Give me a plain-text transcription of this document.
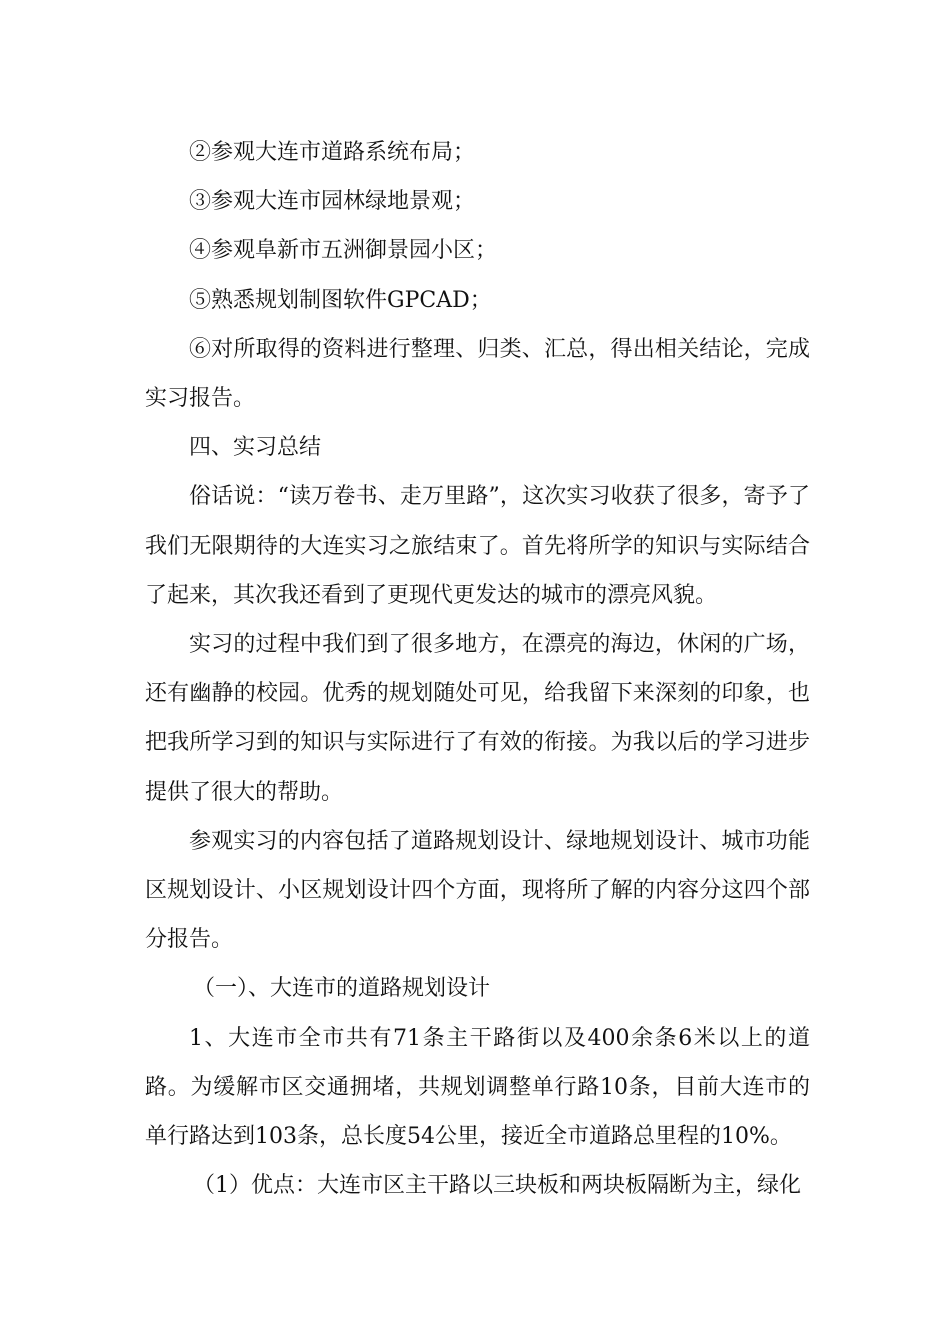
②参观大连市道路系统布局；

③参观大连市园林绿地景观；

④参观阜新市五洲御景园小区；

⑤熟悉规划制图软件GPCAD；

⑥对所取得的资料进行整理、归类、汇总，得出相关结论，完成实习报告。

四、实习总结

俗话说：“读万卷书、走万里路”，这次实习收获了很多，寄予了我们无限期待的大连实习之旅结束了。首先将所学的知识与实际结合了起来，其次我还看到了更现代更发达的城市的漂亮风貌。

实习的过程中我们到了很多地方，在漂亮的海边，休闲的广场，还有幽静的校园。优秀的规划随处可见，给我留下来深刻的印象，也把我所学习到的知识与实际进行了有效的衔接。为我以后的学习进步提供了很大的帮助。

参观实习的内容包括了道路规划设计、绿地规划设计、城市功能区规划设计、小区规划设计四个方面，现将所了解的内容分这四个部分报告。

（一）、大连市的道路规划设计

1、大连市全市共有71条主干路街以及400余条6米以上的道路。为缓解市区交通拥堵，共规划调整单行路10条，目前大连市的单行路达到103条，总长度54公里，接近全市道路总里程的10%。

（1）优点：大连市区主干路以三块板和两块板隔断为主，绿化
